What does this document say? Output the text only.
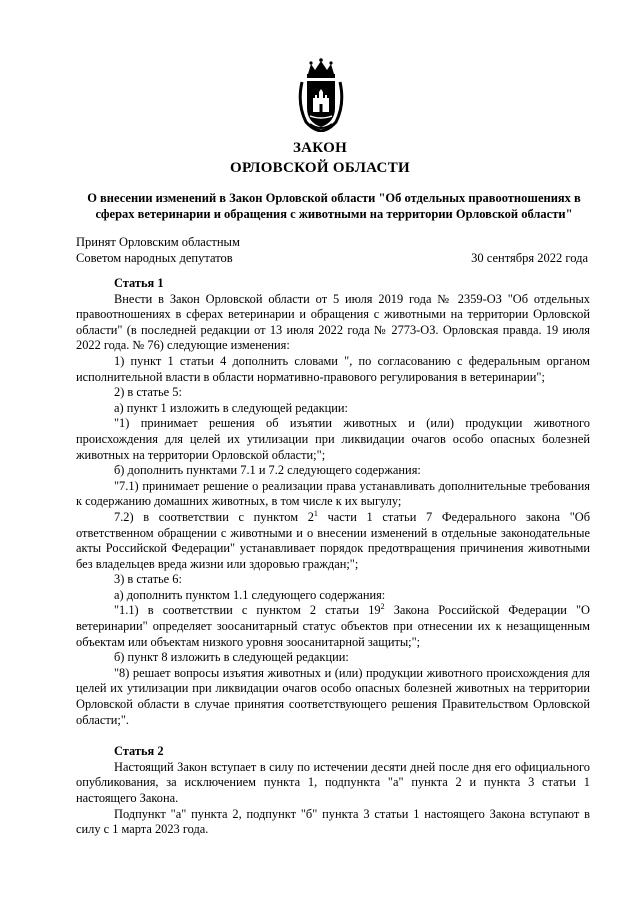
ЗАКОН
ОРЛОВСКОЙ ОБЛАСТИ
О внесении изменений в Закон Орловской области "Об отдельных правоотношениях в сферах ветеринарии и обращения с животными на территории Орловской области"
Принят Орловским областным
Советом народных депутатов	30 сентября 2022 года

Статья 1

Внести в Закон Орловской области от 5 июля 2019 года № 2359-ОЗ "Об отдельных правоотношениях в сферах ветеринарии и обращения с животными на территории Орловской области" (в последней редакции от 13 июля 2022 года № 2773-ОЗ. Орловская правда. 19 июля 2022 года. № 76) следующие изменения:

1) пункт 1 статьи 4 дополнить словами ", по согласованию с федеральным органом исполнительной власти в области нормативно-правового регулирования в ветеринарии";

2) в статье 5:

а) пункт 1 изложить в следующей редакции:

"1) принимает решения об изъятии животных и (или) продукции животного происхождения для целей их утилизации при ликвидации очагов особо опасных болезней животных на территории Орловской области;";

б) дополнить пунктами 7.1 и 7.2 следующего содержания:

"7.1) принимает решение о реализации права устанавливать дополнительные требования к содержанию домашних животных, в том числе к их выгулу;

7.2) в соответствии с пунктом $2^1$ части 1 статьи 7 Федерального закона "Об ответственном обращении с животными и о внесении изменений в отдельные законодательные акты Российской Федерации" устанавливает порядок предотвращения причинения животными без владельцев вреда жизни или здоровью граждан;";

3) в статье 6:

а) дополнить пунктом 1.1 следующего содержания:

"1.1) в соответствии с пунктом 2 статьи $19^2$ Закона Российской Федерации "О ветеринарии" определяет зоосанитарный статус объектов при отнесении их к незащищенным объектам или объектам низкого уровня зоосанитарной защиты;";

б) пункт 8 изложить в следующей редакции:

"8) решает вопросы изъятия животных и (или) продукции животного происхождения для целей их утилизации при ликвидации очагов особо опасных болезней животных на территории Орловской области в случае принятия соответствующего решения Правительством Орловской области;".

Статья 2

Настоящий Закон вступает в силу по истечении десяти дней после дня его официального опубликования, за исключением пункта 1, подпункта "а" пункта 2 и пункта 3 статьи 1 настоящего Закона.

Подпункт "а" пункта 2, подпункт "б" пункта 3 статьи 1 настоящего Закона вступают в силу с 1 марта 2023 года.
